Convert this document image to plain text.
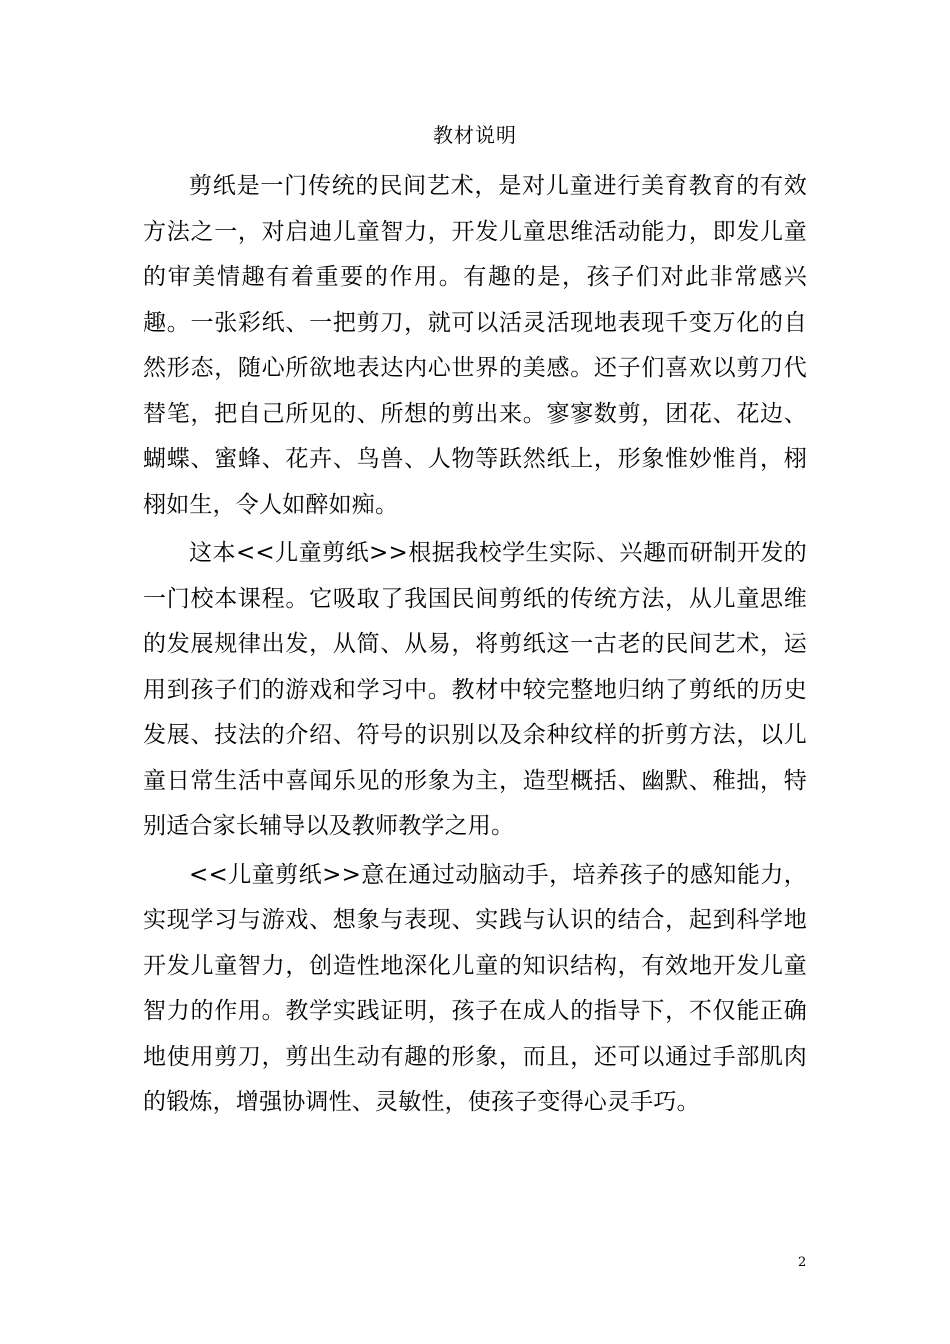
教材说明

剪纸是一门传统的民间艺术，是对儿童进行美育教育的有效方法之一，对启迪儿童智力，开发儿童思维活动能力，即发儿童的审美情趣有着重要的作用。有趣的是，孩子们对此非常感兴趣。一张彩纸、一把剪刀，就可以活灵活现地表现千变万化的自然形态，随心所欲地表达内心世界的美感。还子们喜欢以剪刀代替笔，把自己所见的、所想的剪出来。寥寥数剪，团花、花边、蝴蝶、蜜蜂、花卉、鸟兽、人物等跃然纸上，形象惟妙惟肖，栩栩如生，令人如醉如痴。

这本<<儿童剪纸>>根据我校学生实际、兴趣而研制开发的一门校本课程。它吸取了我国民间剪纸的传统方法，从儿童思维的发展规律出发，从简、从易，将剪纸这一古老的民间艺术，运用到孩子们的游戏和学习中。教材中较完整地归纳了剪纸的历史发展、技法的介绍、符号的识别以及余种纹样的折剪方法，以儿童日常生活中喜闻乐见的形象为主，造型概括、幽默、稚拙，特别适合家长辅导以及教师教学之用。

<<儿童剪纸>>意在通过动脑动手，培养孩子的感知能力，实现学习与游戏、想象与表现、实践与认识的结合，起到科学地开发儿童智力，创造性地深化儿童的知识结构，有效地开发儿童智力的作用。教学实践证明，孩子在成人的指导下，不仅能正确地使用剪刀，剪出生动有趣的形象，而且，还可以通过手部肌肉的锻炼，增强协调性、灵敏性，使孩子变得心灵手巧。

2
